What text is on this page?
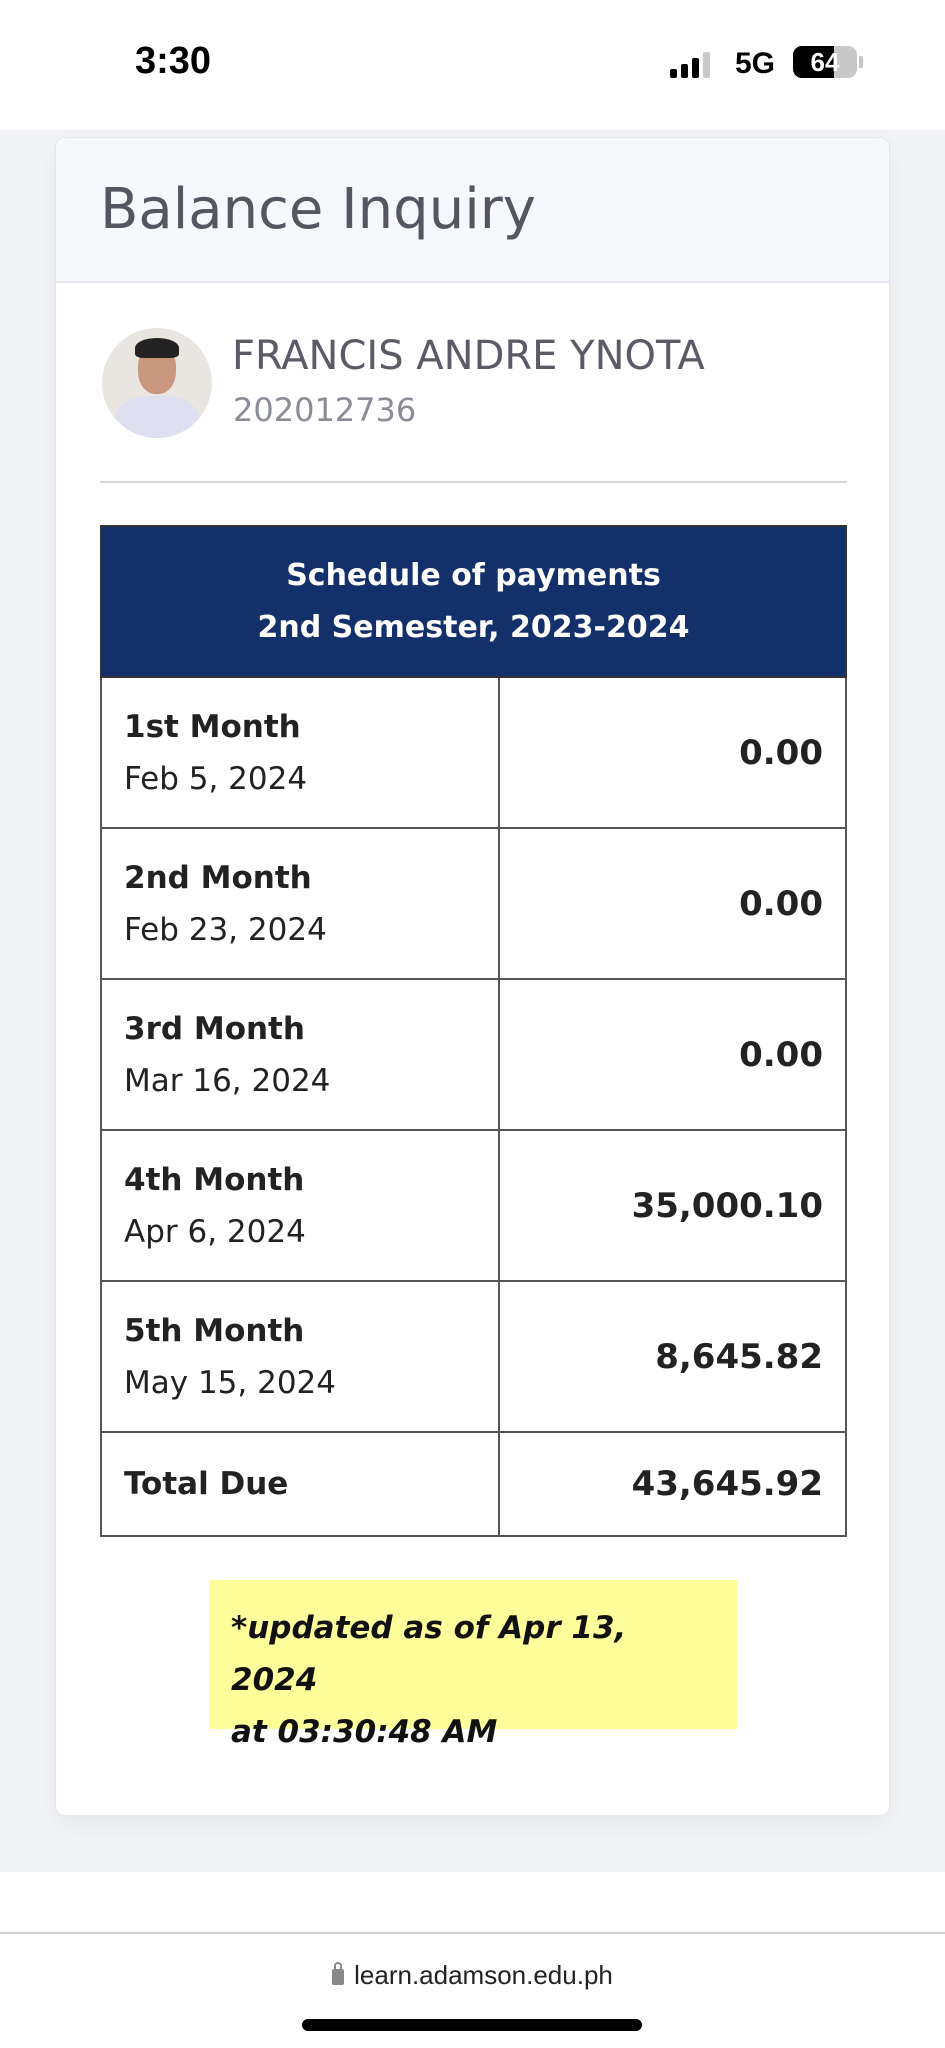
3:30	5G	64
Balance Inquiry
FRANCIS ANDRE YNOTA
202012736
Schedule of payments
2nd Semester, 2023-2024	

1st Month
Feb 5, 2024	0.00

2nd Month
Feb 23, 2024	0.00

3rd Month
Mar 16, 2024	0.00

4th Month
Apr 6, 2024	35,000.10

5th Month
May 15, 2024	8,645.82

Total Due	43,645.92
*updated as of Apr 13, 2024
at 03:30:48 AM
learn.adamson.edu.ph
